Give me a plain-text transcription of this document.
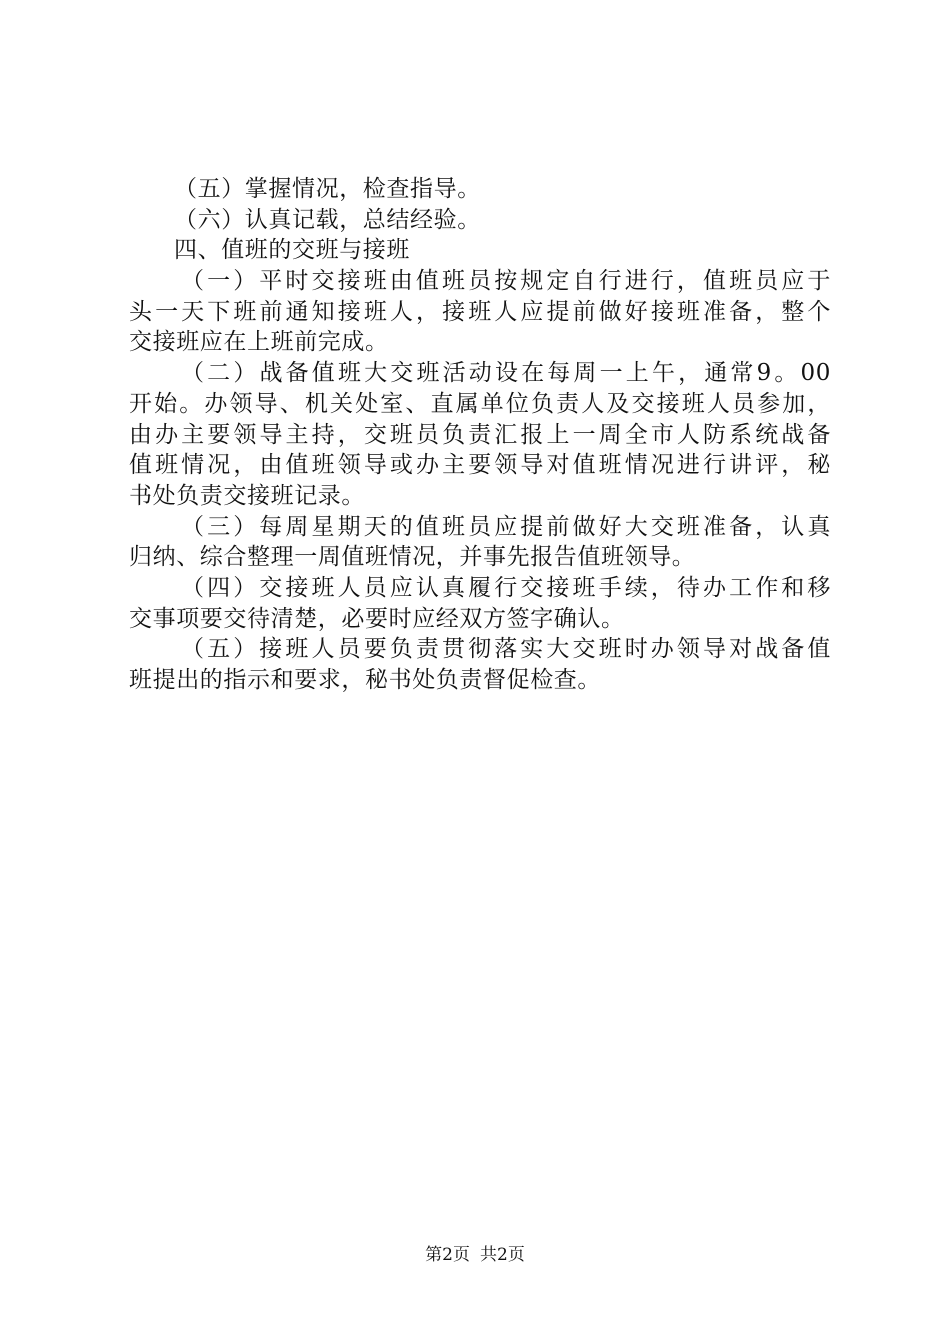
（五）掌握情况，检查指导。
（六）认真记载，总结经验。
四、值班的交班与接班
（一）平时交接班由值班员按规定自行进行，值班员应于
头一天下班前通知接班人，接班人应提前做好接班准备，整个
交接班应在上班前完成。
（二）战备值班大交班活动设在每周一上午，通常9。00
开始。办领导、机关处室、直属单位负责人及交接班人员参加，
由办主要领导主持，交班员负责汇报上一周全市人防系统战备
值班情况，由值班领导或办主要领导对值班情况进行讲评，秘
书处负责交接班记录。
（三）每周星期天的值班员应提前做好大交班准备，认真
归纳、综合整理一周值班情况，并事先报告值班领导。
（四）交接班人员应认真履行交接班手续，待办工作和移
交事项要交待清楚，必要时应经双方签字确认。
（五）接班人员要负责贯彻落实大交班时办领导对战备值
班提出的指示和要求，秘书处负责督促检查。
第2页 共2页
